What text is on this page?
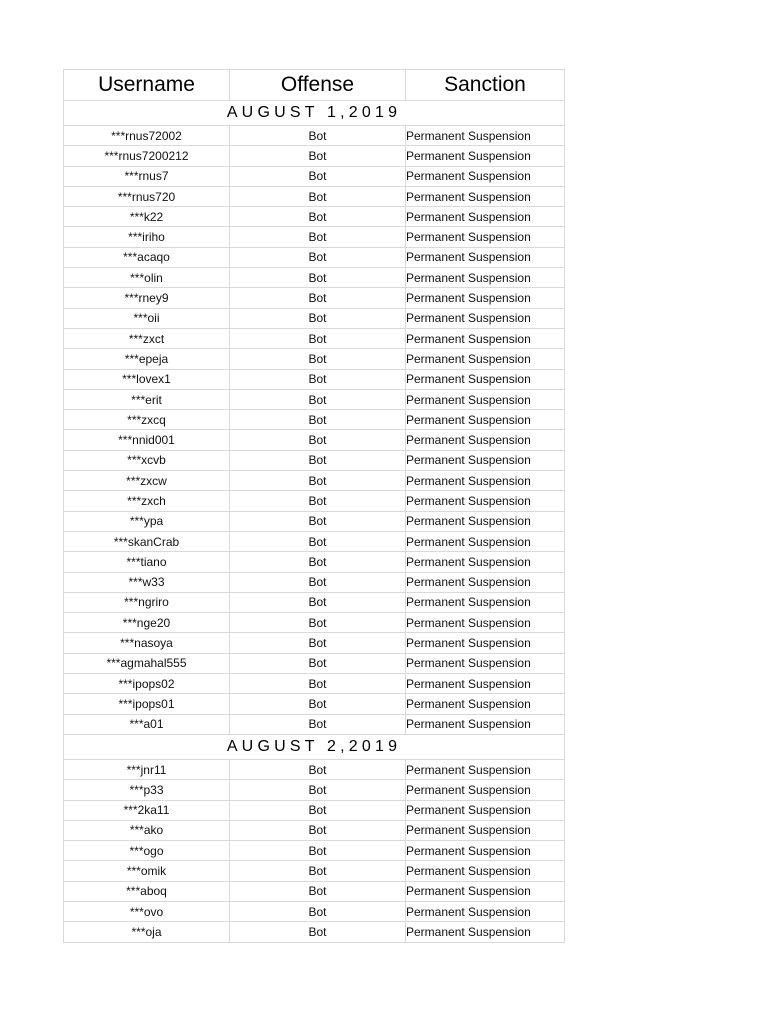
Username	Offense	Sanction
AUGUST 1,2019		
***rnus72002	Bot	Permanent Suspension
***rnus7200212	Bot	Permanent Suspension
***rnus7	Bot	Permanent Suspension
***rnus720	Bot	Permanent Suspension
***k22	Bot	Permanent Suspension
***iriho	Bot	Permanent Suspension
***acaqo	Bot	Permanent Suspension
***olin	Bot	Permanent Suspension
***rney9	Bot	Permanent Suspension
***oii	Bot	Permanent Suspension
***zxct	Bot	Permanent Suspension
***epeja	Bot	Permanent Suspension
***lovex1	Bot	Permanent Suspension
***erit	Bot	Permanent Suspension
***zxcq	Bot	Permanent Suspension
***nnid001	Bot	Permanent Suspension
***xcvb	Bot	Permanent Suspension
***zxcw	Bot	Permanent Suspension
***zxch	Bot	Permanent Suspension
***ypa	Bot	Permanent Suspension
***skanCrab	Bot	Permanent Suspension
***tiano	Bot	Permanent Suspension
***w33	Bot	Permanent Suspension
***ngriro	Bot	Permanent Suspension
***nge20	Bot	Permanent Suspension
***nasoya	Bot	Permanent Suspension
***agmahal555	Bot	Permanent Suspension
***ipops02	Bot	Permanent Suspension
***ipops01	Bot	Permanent Suspension
***a01	Bot	Permanent Suspension
AUGUST 2,2019		
***jnr11	Bot	Permanent Suspension
***p33	Bot	Permanent Suspension
***2ka11	Bot	Permanent Suspension
***ako	Bot	Permanent Suspension
***ogo	Bot	Permanent Suspension
***omik	Bot	Permanent Suspension
***aboq	Bot	Permanent Suspension
***ovo	Bot	Permanent Suspension
***oja	Bot	Permanent Suspension
